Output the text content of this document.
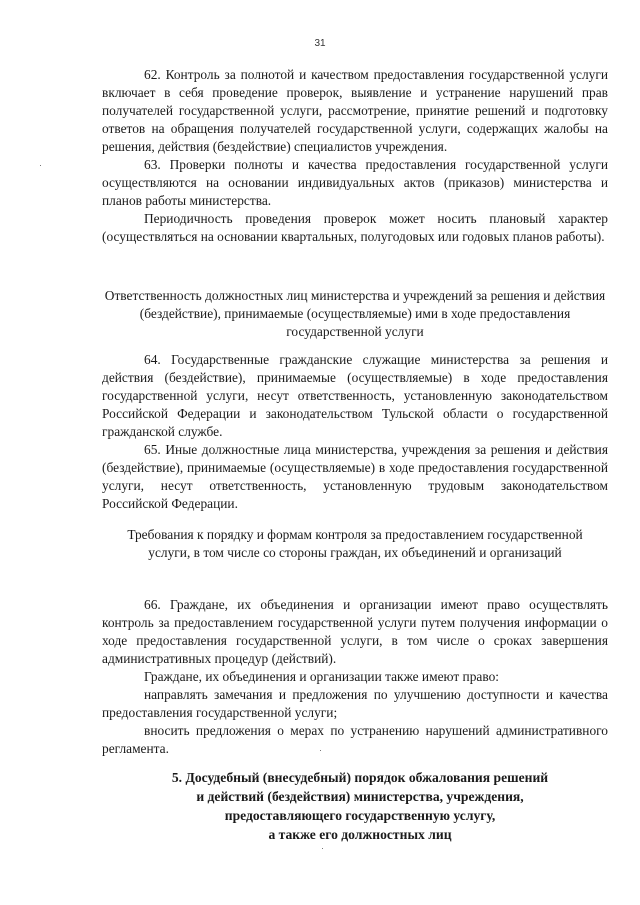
31

62. Контроль за полнотой и качеством предоставления государственной услуги включает в себя проведение проверок, выявление и устранение нарушений прав получателей государственной услуги, рассмотрение, принятие решений и подготовку ответов на обращения получателей государственной услуги, содержащих жалобы на решения, действия (бездействие) специалистов учреждения.

63. Проверки полноты и качества предоставления государственной услуги осуществляются на основании индивидуальных актов (приказов) министерства и планов работы министерства.

Периодичность проведения проверок может носить плановый характер (осуществляться на основании квартальных, полугодовых или годовых планов работы).

Ответственность должностных лиц министерства и учреждений за решения и действия (бездействие), принимаемые (осуществляемые) ими в ходе предоставления государственной услуги

64. Государственные гражданские служащие министерства за решения и действия (бездействие), принимаемые (осуществляемые) в ходе предоставления государственной услуги, несут ответственность, установленную законодательством Российской Федерации и законодательством Тульской области о государственной гражданской службе.

65. Иные должностные лица министерства, учреждения за решения и действия (бездействие), принимаемые (осуществляемые) в ходе предоставления государственной услуги, несут ответственность, установленную трудовым законодательством Российской Федерации.

Требования к порядку и формам контроля за предоставлением государственной услуги, в том числе со стороны граждан, их объединений и организаций

66. Граждане, их объединения и организации имеют право осуществлять контроль за предоставлением государственной услуги путем получения информации о ходе предоставления государственной услуги, в том числе о сроках завершения административных процедур (действий).

Граждане, их объединения и организации также имеют право:

направлять замечания и предложения по улучшению доступности и качества предоставления государственной услуги;

вносить предложения о мерах по устранению нарушений административного регламента.

5. Досудебный (внесудебный) порядок обжалования решений
и действий (бездействия) министерства, учреждения,
предоставляющего государственную услугу,
а также его должностных лиц
